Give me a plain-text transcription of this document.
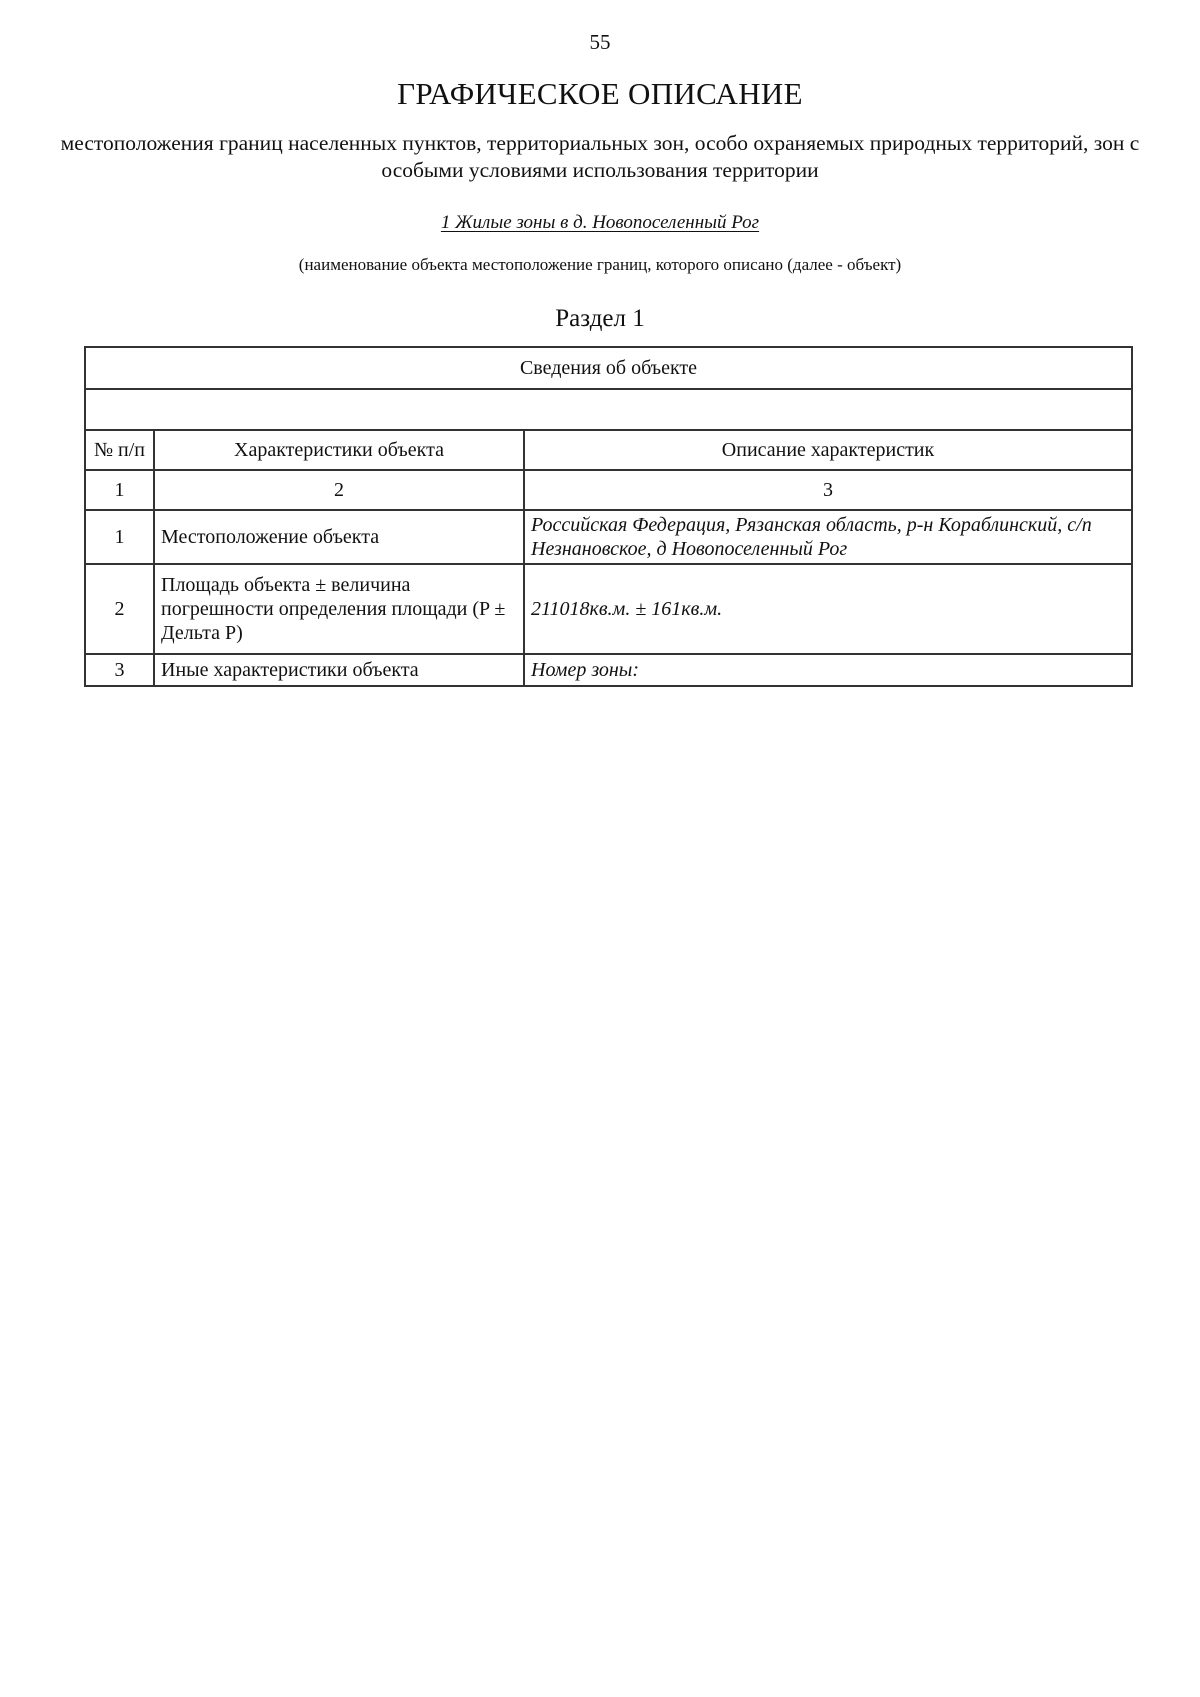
55
ГРАФИЧЕСКОЕ ОПИСАНИЕ
местоположения границ населенных пунктов, территориальных зон, особо охраняемых природных территорий, зон с особыми условиями использования территории
1 Жилые зоны в д. Новопоселенный Рог
(наименование объекта местоположение границ, которого описано (далее - объект)
Раздел 1
Сведения об объекте		

№ п/п	Характеристики объекта	Описание характеристик
1	2	3
1	Местоположение объекта	Российская Федерация, Рязанская область, р-н Кораблинский, с/п Незнановское, д Новопоселенный Рог
2	Площадь объекта ± величина погрешности определения площади (P ± Дельта P)	211018кв.м. ± 161кв.м.
3	Иные характеристики объекта	Номер зоны:
